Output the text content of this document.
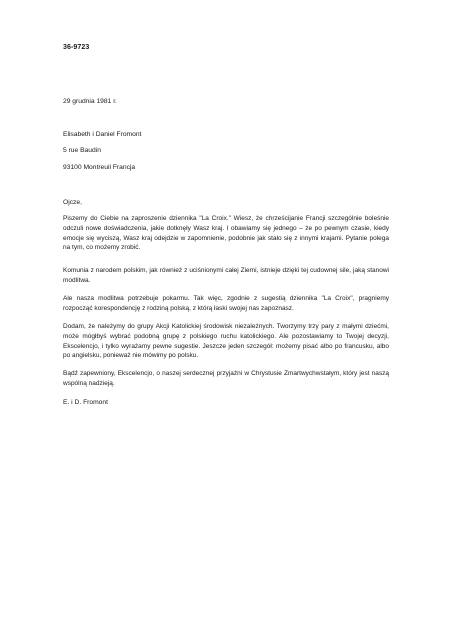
36-9723
29 grudnia 1981 r.
Elisabeth i Daniel Fromont
5 rue Baudin
93100 Montreuil Francja
Ojcze,
Piszemy do Ciebie na zaproszenie dziennika "La Croix." Wiesz, że chrześcijanie Francji szczególnie boleśnie odczuli nowe doświadczenia, jakie dotknęły Wasz kraj. I obawiamy się jednego – że po pewnym czasie, kiedy emocje się wyciszą, Wasz kraj odejdzie w zapomnienie, podobnie jak stało się z innymi krajami. Pytanie polega na tym, co możemy zrobić.
Komunia z narodem polskim, jak również z uciśnionymi całej Ziemi, istnieje dzięki tej cudownej sile, jaką stanowi modlitwa.
Ale nasza modlitwa potrzebuje pokarmu. Tak więc, zgodnie z sugestią dziennika "La Croix", pragniemy rozpocząć korespondencję z rodziną polską, z którą łaski swojej nas zapoznasz.
Dodam, że należymy do grupy Akcji Katolickiej środowisk niezależnych. Tworzymy trzy pary z małymi dziećmi, może mógłbyś wybrać podobną grupę z polskiego ruchu katolickiego. Ale pozostawiamy to Twojej decyzji, Ekscelencjo, i tylko wyrażamy pewne sugestie. Jeszcze jeden szczegół: możemy pisać albo po francusku, albo po angielsku, ponieważ nie mówimy po polsku.
Bądź zapewniony, Ekscelencjo, o naszej serdecznej przyjaźni w Chrystusie Zmartwychwstałym, który jest naszą wspólną nadzieją.
E. i D. Fromont
